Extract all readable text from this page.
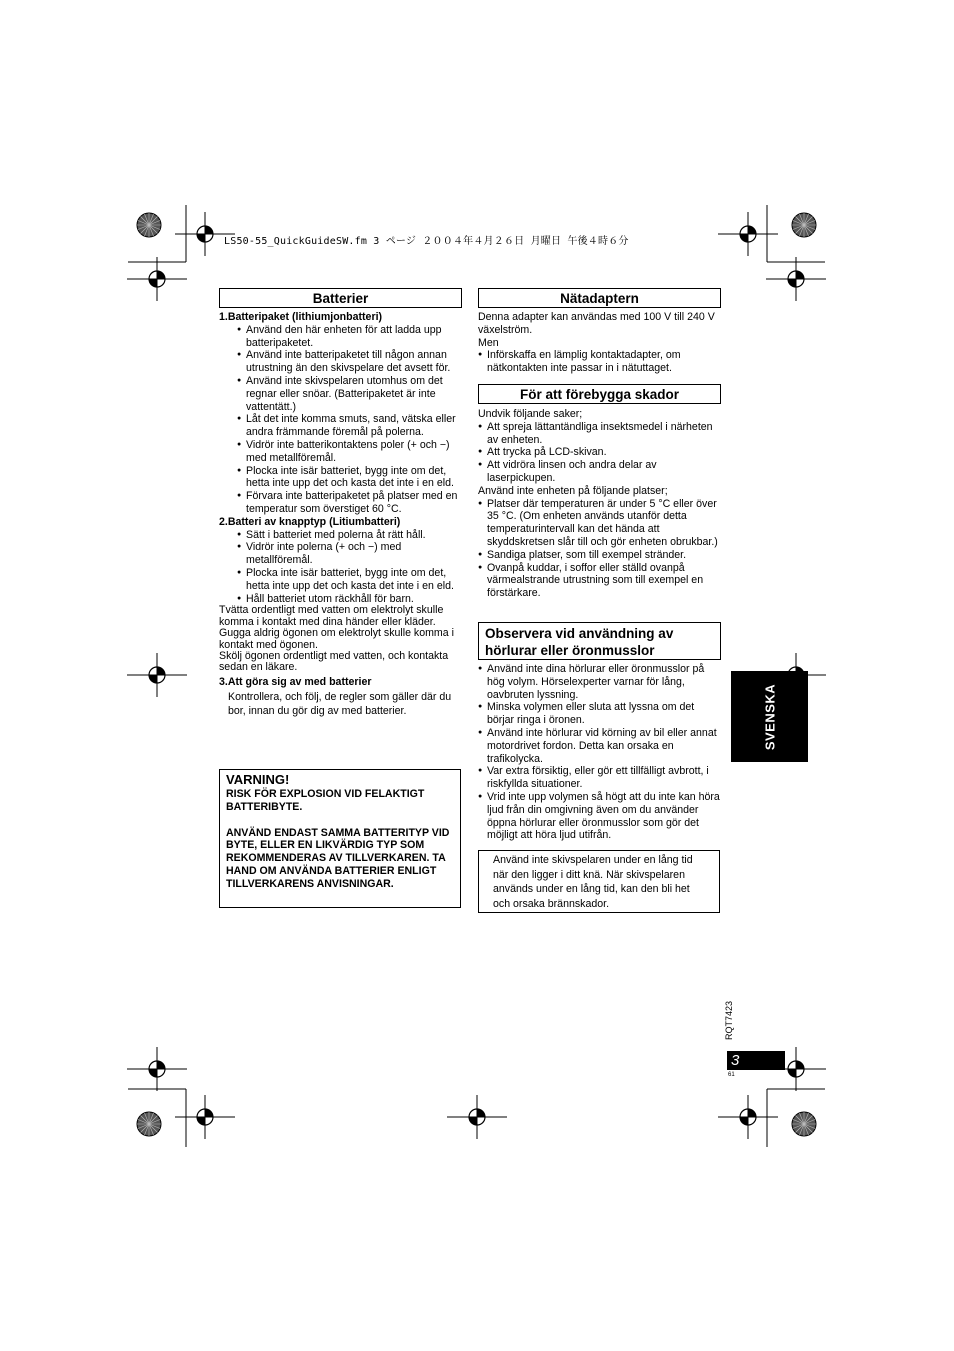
LS50-55_QuickGuideSW.fm 3 ページ ２００４年４月２６日 月曜日 午後４時６分
Batterier

1.Batteripaket (lithiumjonbatteri)

● Använd den här enheten för att ladda upp batteripaketet.

● Använd inte batteripaketet till någon annan utrustning än den skivspelare det avsett för.

● Använd inte skivspelaren utomhus om det regnar eller snöar. (Batteripaketet är inte vattentätt.)

● Låt det inte komma smuts, sand, vätska eller andra främmande föremål på polerna.

● Vidrör inte batterikontaktens poler (+ och −) med metallföremål.

● Plocka inte isär batteriet, bygg inte om det, hetta inte upp det och kasta det inte i en eld.

● Förvara inte batteripaketet på platser med en temperatur som överstiget 60 °C.

2.Batteri av knapptyp (Litiumbatteri)

● Sätt i batteriet med polerna åt rätt håll.

● Vidrör inte polerna (+ och −) med metallföremål.

● Plocka inte isär batteriet, bygg inte om det, hetta inte upp det och kasta det inte i en eld.

● Håll batteriet utom räckhåll för barn.

Tvätta ordentligt med vatten om elektrolyt skulle komma i kontakt med dina händer eller kläder.

Gugga aldrig ögonen om elektrolyt skulle komma i kontakt med ögonen.

Skölj ögonen ordentligt med vatten, och kontakta sedan en läkare.

3.Att göra sig av med batterier

Kontrollera, och följ, de regler som gäller där du bor, innan du gör dig av med batterier.

VARNING!

RISK FÖR EXPLOSION VID FELAKTIGT BATTERIBYTE.

ANVÄND ENDAST SAMMA BATTERITYP VID BYTE, ELLER EN LIKVÄRDIG TYP SOM REKOMMENDERAS AV TILLVERKAREN. TA HAND OM ANVÄNDA BATTERIER ENLIGT TILLVERKARENS ANVISNINGAR.

Nätadaptern

Denna adapter kan användas med 100 V till 240 V växelström.

Men

● Införskaffa en lämplig kontaktadapter, om nätkontakten inte passar in i nätuttaget.

För att förebygga skador

Undvik följande saker;

● Att spreja lättantändliga insektsmedel i närheten av enheten.

● Att trycka på LCD-skivan.

● Att vidröra linsen och andra delar av laserpickupen.

Använd inte enheten på följande platser;

● Platser där temperaturen är under 5 °C eller över 35 °C. (Om enheten används utanför detta temperaturintervall kan det hända att skyddskretsen slår till och gör enheten obrukbar.)

● Sandiga platser, som till exempel stränder.

● Ovanpå kuddar, i soffor eller ställd ovanpå värmealstrande utrustning som till exempel en förstärkare.

Observera vid användning av
hörlurar eller öronmusslor

● Använd inte dina hörlurar eller öronmusslor på hög volym. Hörselexperter varnar för lång, oavbruten lyssning.

● Minska volymen eller sluta att lyssna om det börjar ringa i öronen.

● Använd inte hörlurar vid körning av bil eller annat motordrivet fordon. Detta kan orsaka en trafikolycka.

● Var extra försiktig, eller gör ett tillfälligt avbrott, i riskfyllda situationer.

● Vrid inte upp volymen så högt att du inte kan höra ljud från din omgivning även om du använder öppna hörlurar eller öronmusslor som gör det möjligt att höra ljud utifrån.

Använd inte skivspelaren under en lång tid när den ligger i ditt knä. När skivspelaren används under en lång tid, kan den bli het och orsaka brännskador.
SVENSKA
RQT7423
3
61
